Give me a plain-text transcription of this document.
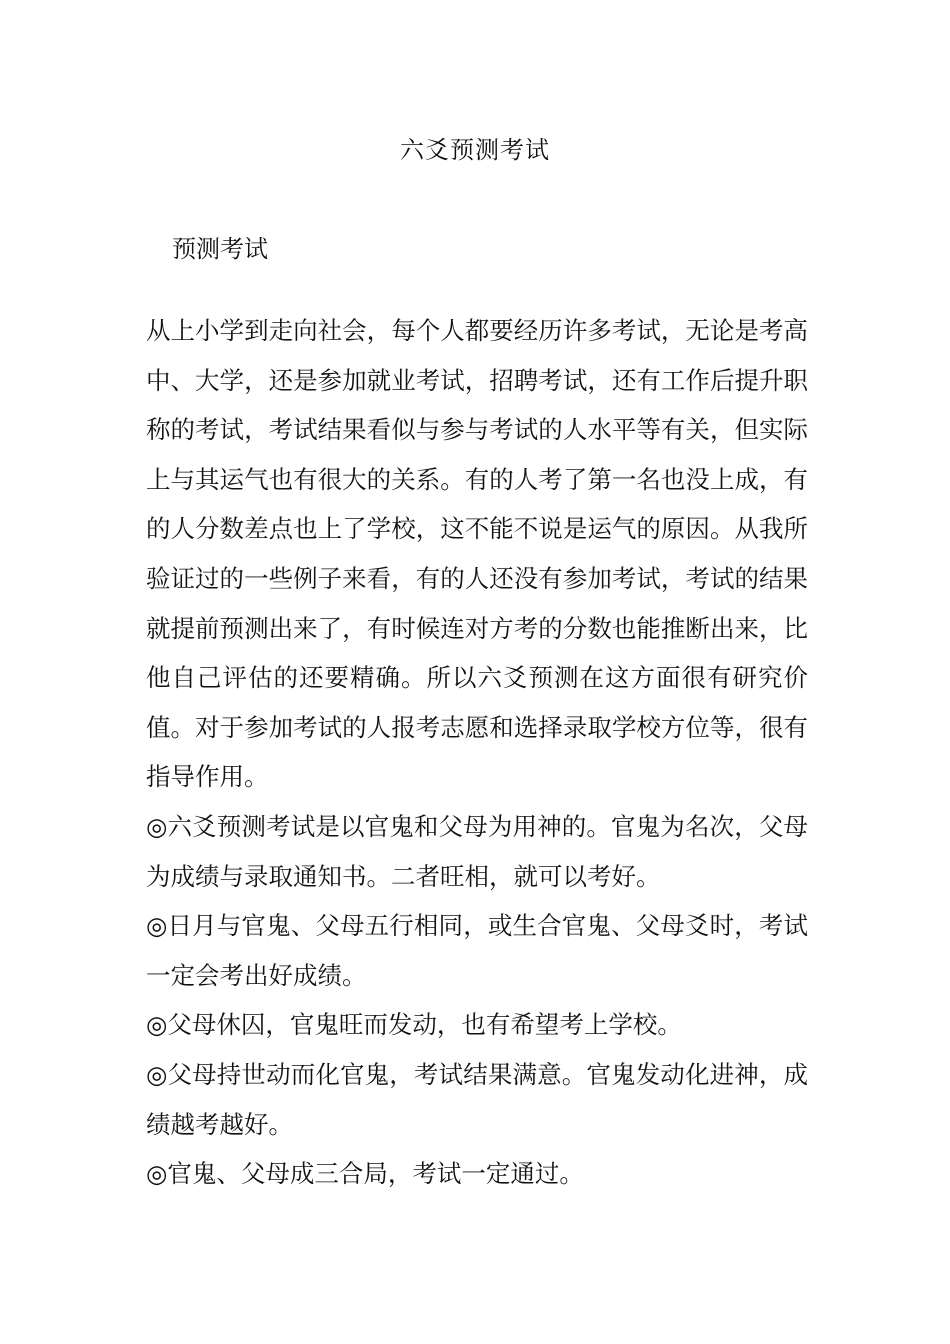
六爻预测考试
预测考试

从上小学到走向社会，每个人都要经历许多考试，无论是考高中、大学，还是参加就业考试，招聘考试，还有工作后提升职称的考试，考试结果看似与参与考试的人水平等有关，但实际上与其运气也有很大的关系。有的人考了第一名也没上成，有的人分数差点也上了学校，这不能不说是运气的原因。从我所验证过的一些例子来看，有的人还没有参加考试，考试的结果就提前预测出来了，有时候连对方考的分数也能推断出来，比他自己评估的还要精确。所以六爻预测在这方面很有研究价值。对于参加考试的人报考志愿和选择录取学校方位等，很有指导作用。

◎六爻预测考试是以官鬼和父母为用神的。官鬼为名次，父母为成绩与录取通知书。二者旺相，就可以考好。

◎日月与官鬼、父母五行相同，或生合官鬼、父母爻时，考试一定会考出好成绩。

◎父母休囚，官鬼旺而发动，也有希望考上学校。

◎父母持世动而化官鬼，考试结果满意。官鬼发动化进神，成绩越考越好。

◎官鬼、父母成三合局，考试一定通过。
